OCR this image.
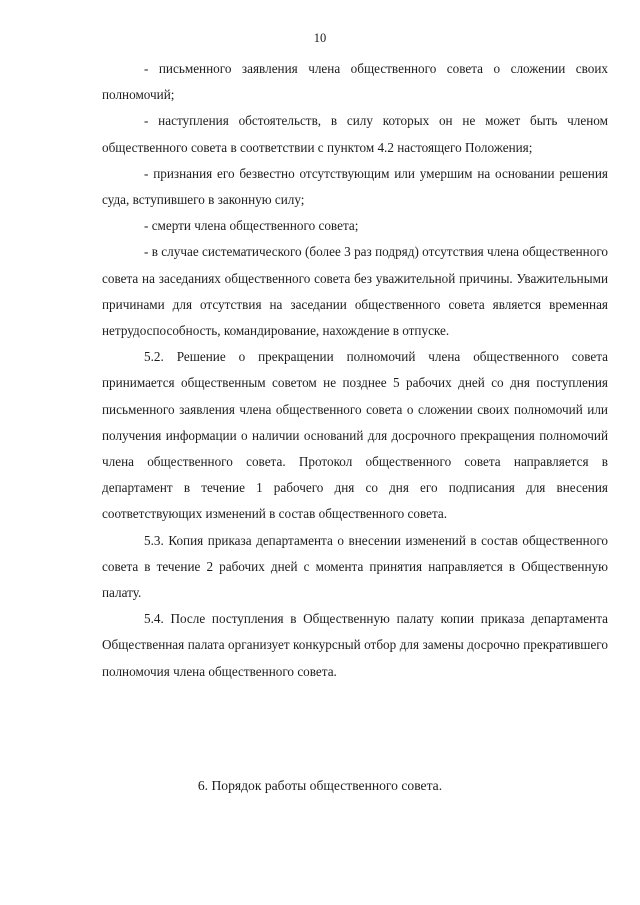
10

- письменного заявления члена общественного совета о сложении своих полномочий;

- наступления обстоятельств, в силу которых он не может быть членом общественного совета в соответствии с пунктом 4.2 настоящего Положения;

- признания его безвестно отсутствующим или умершим на основании решения суда, вступившего в законную силу;

- смерти члена общественного совета;

- в случае систематического (более 3 раз подряд) отсутствия члена общественного совета на заседаниях общественного совета без уважительной причины. Уважительными причинами для отсутствия на заседании общественного совета является временная нетрудоспособность, командирование, нахождение в отпуске.

5.2. Решение о прекращении полномочий члена общественного совета принимается общественным советом не позднее 5 рабочих дней со дня поступления письменного заявления члена общественного совета о сложении своих полномочий или получения информации о наличии оснований для досрочного прекращения полномочий члена общественного совета. Протокол общественного совета направляется в департамент в течение 1 рабочего дня со дня его подписания для внесения соответствующих изменений в состав общественного совета.

5.3. Копия приказа департамента о внесении изменений в состав общественного совета в течение 2 рабочих дней с момента принятия направляется в Общественную палату.

5.4. После поступления в Общественную палату копии приказа департамента Общественная палата организует конкурсный отбор для замены досрочно прекратившего полномочия члена общественного совета.

6. Порядок работы общественного совета.
